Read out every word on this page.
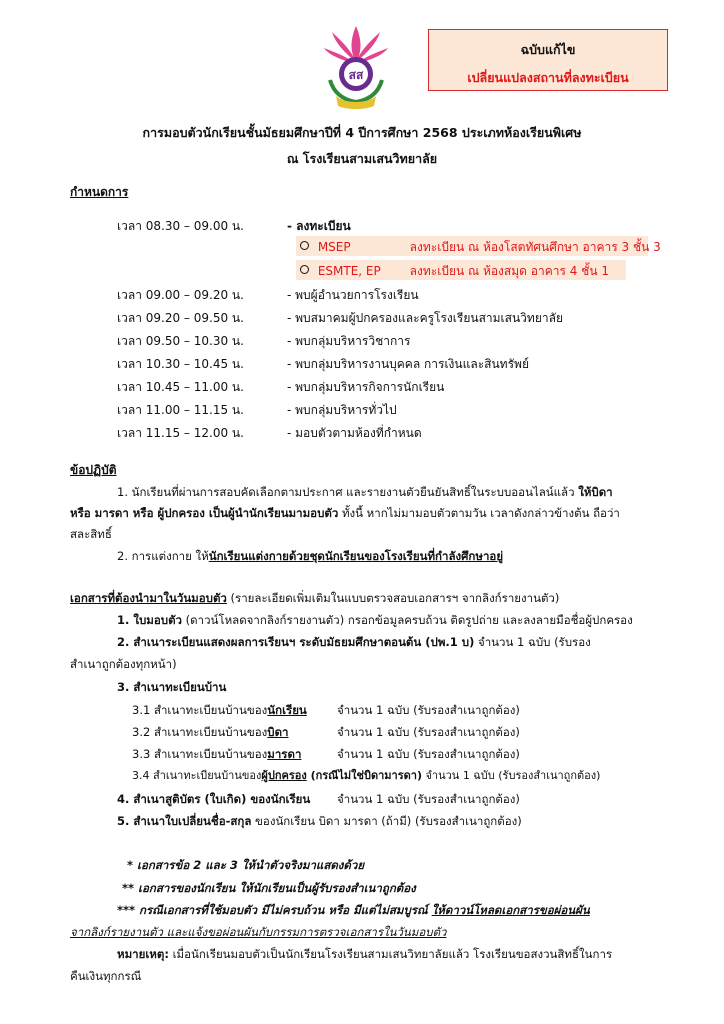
สส
ฉบับแก้ไข
เปลี่ยนแปลงสถานที่ลงทะเบียน
การมอบตัวนักเรียนชั้นมัธยมศึกษาปีที่ 4 ปีการศึกษา 2568 ประเภทห้องเรียนพิเศษ
ณ โรงเรียนสามเสนวิทยาลัย
กำหนดการ
เวลา 08.30 – 09.00 น.	- ลงทะเบียน
MSEP	ลงทะเบียน ณ ห้องโสตทัศนศึกษา อาคาร 3 ชั้น 3
ESMTE, EP ลงทะเบียน ณ ห้องสมุด อาคาร 4 ชั้น 1
เวลา 09.00 – 09.20 น.	- พบผู้อำนวยการโรงเรียน
เวลา 09.20 – 09.50 น.	- พบสมาคมผู้ปกครองและครูโรงเรียนสามเสนวิทยาลัย
เวลา 09.50 – 10.30 น.	- พบกลุ่มบริหารวิชาการ
เวลา 10.30 – 10.45 น.	- พบกลุ่มบริหารงานบุคคล การเงินและสินทรัพย์
เวลา 10.45 – 11.00 น.	- พบกลุ่มบริหารกิจการนักเรียน
เวลา 11.00 – 11.15 น.	- พบกลุ่มบริหารทั่วไป
เวลา 11.15 – 12.00 น.	- มอบตัวตามห้องที่กำหนด
ข้อปฏิบัติ
1. นักเรียนที่ผ่านการสอบคัดเลือกตามประกาศ และรายงานตัวยืนยันสิทธิ์ในระบบออนไลน์แล้ว ให้บิดา
หรือ มารดา หรือ ผู้ปกครอง เป็นผู้นำนักเรียนมามอบตัว ทั้งนี้ หากไม่มามอบตัวตามวัน เวลาดังกล่าวข้างต้น ถือว่า
สละสิทธิ์
2. การแต่งกาย ให้นักเรียนแต่งกายด้วยชุดนักเรียนของโรงเรียนที่กำลังศึกษาอยู่
เอกสารที่ต้องนำมาในวันมอบตัว (รายละเอียดเพิ่มเติมในแบบตรวจสอบเอกสารฯ จากลิงก์รายงานตัว)
1. ใบมอบตัว (ดาวน์โหลดจากลิงก์รายงานตัว) กรอกข้อมูลครบถ้วน ติดรูปถ่าย และลงลายมือชื่อผู้ปกครอง
2. สำเนาระเบียนแสดงผลการเรียนฯ ระดับมัธยมศึกษาตอนต้น (ปพ.1 บ) จำนวน 1 ฉบับ (รับรอง
สำเนาถูกต้องทุกหน้า)
3. สำเนาทะเบียนบ้าน
3.1 สำเนาทะเบียนบ้านของนักเรียน	จำนวน 1 ฉบับ (รับรองสำเนาถูกต้อง)
3.2 สำเนาทะเบียนบ้านของบิดา	จำนวน 1 ฉบับ (รับรองสำเนาถูกต้อง)
3.3 สำเนาทะเบียนบ้านของมารดา	จำนวน 1 ฉบับ (รับรองสำเนาถูกต้อง)
3.4 สำเนาทะเบียนบ้านของผู้ปกครอง (กรณีไม่ใช่บิดามารดา) จำนวน 1 ฉบับ (รับรองสำเนาถูกต้อง)
4. สำเนาสูติบัตร (ใบเกิด) ของนักเรียน จำนวน 1 ฉบับ (รับรองสำเนาถูกต้อง)
5. สำเนาใบเปลี่ยนชื่อ-สกุล ของนักเรียน บิดา มารดา (ถ้ามี) (รับรองสำเนาถูกต้อง)
* เอกสารข้อ 2 และ 3 ให้นำตัวจริงมาแสดงด้วย
** เอกสารของนักเรียน ให้นักเรียนเป็นผู้รับรองสำเนาถูกต้อง
*** กรณีเอกสารที่ใช้มอบตัว มีไม่ครบถ้วน หรือ มีแต่ไม่สมบูรณ์ ให้ดาวน์โหลดเอกสารขอผ่อนผัน
จากลิงก์รายงานตัว และแจ้งขอผ่อนผันกับกรรมการตรวจเอกสารในวันมอบตัว
หมายเหตุ: เมื่อนักเรียนมอบตัวเป็นนักเรียนโรงเรียนสามเสนวิทยาลัยแล้ว โรงเรียนขอสงวนสิทธิ์ในการ
คืนเงินทุกกรณี
